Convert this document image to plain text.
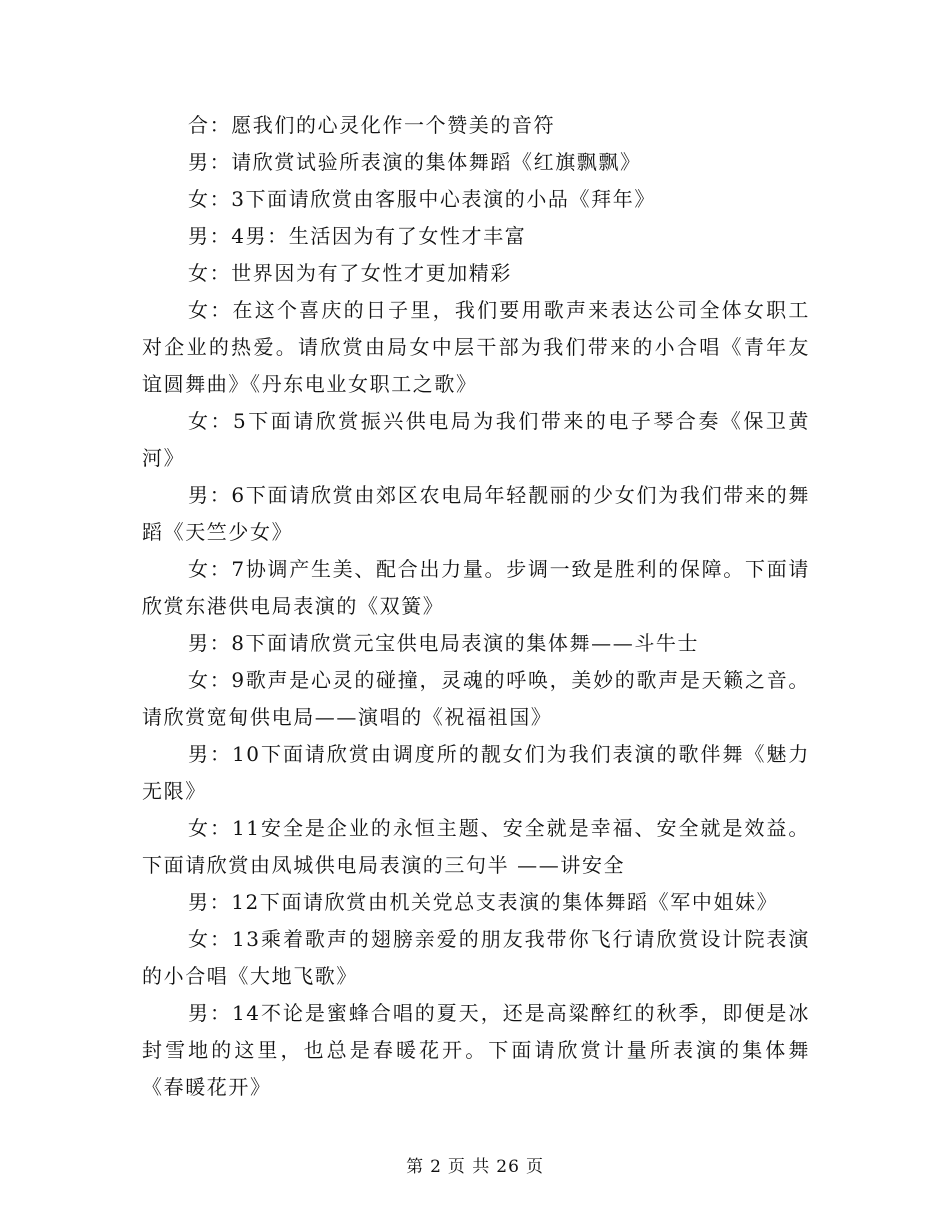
合：愿我们的心灵化作一个赞美的音符

男：请欣赏试验所表演的集体舞蹈《红旗飘飘》

女：3下面请欣赏由客服中心表演的小品《拜年》

男：4男：生活因为有了女性才丰富

女：世界因为有了女性才更加精彩

女：在这个喜庆的日子里，我们要用歌声来表达公司全体女职工对企业的热爱。请欣赏由局女中层干部为我们带来的小合唱《青年友谊圆舞曲》《丹东电业女职工之歌》

女：5下面请欣赏振兴供电局为我们带来的电子琴合奏《保卫黄河》

男：6下面请欣赏由郊区农电局年轻靓丽的少女们为我们带来的舞蹈《天竺少女》

女：7协调产生美、配合出力量。步调一致是胜利的保障。下面请欣赏东港供电局表演的《双簧》

男：8下面请欣赏元宝供电局表演的集体舞——斗牛士

女：9歌声是心灵的碰撞，灵魂的呼唤，美妙的歌声是天籁之音。请欣赏宽甸供电局——演唱的《祝福祖国》

男：10下面请欣赏由调度所的靓女们为我们表演的歌伴舞《魅力无限》

女：11安全是企业的永恒主题、安全就是幸福、安全就是效益。下面请欣赏由凤城供电局表演的三句半 ——讲安全

男：12下面请欣赏由机关党总支表演的集体舞蹈《军中姐妹》

女：13乘着歌声的翅膀亲爱的朋友我带你飞行请欣赏设计院表演的小合唱《大地飞歌》

男：14不论是蜜蜂合唱的夏天，还是高粱醉红的秋季，即便是冰封雪地的这里，也总是春暖花开。下面请欣赏计量所表演的集体舞《春暖花开》

第 2 页 共 26 页
